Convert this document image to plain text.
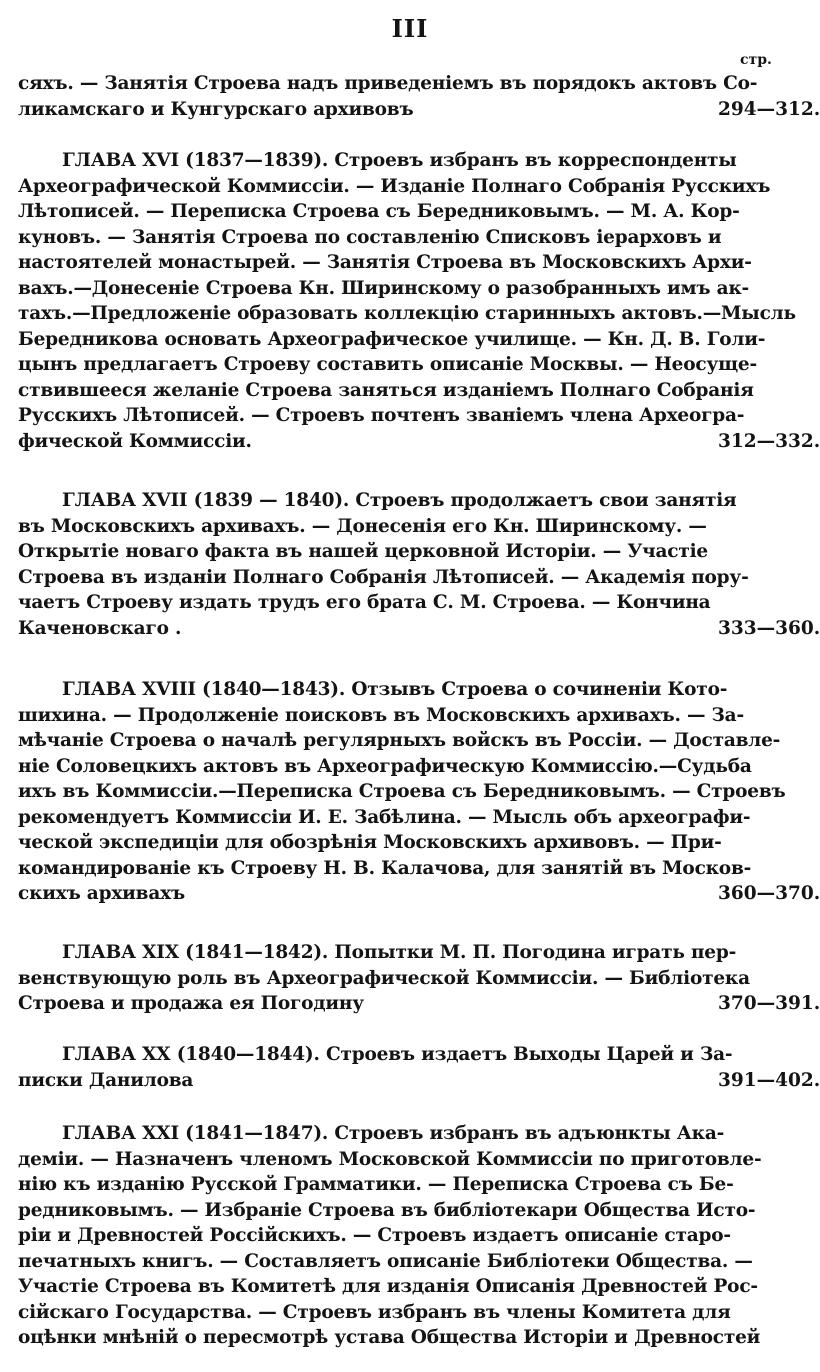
III
стр.
сяхъ. — Занятія Строева надъ приведеніемъ въ порядокъ актовъ Со-
ликамскаго и Кунгурскаго архивовъ	294—312.
ГЛАВА XVI (1837—1839). Строевъ избранъ въ корреспонденты
Археографической Коммиссіи. — Изданіе Полнаго Собранія Русскихъ
Лѣтописей. — Переписка Строева съ Бередниковымъ. — М. А. Кор-
куновъ. — Занятія Строева по составленію Списковъ іерарховъ и
настоятелей монастырей. — Занятія Строева въ Московскихъ Архи-
вахъ.—Донесеніе Строева Кн. Ширинскому о разобранныхъ имъ ак-
тахъ.—Предложеніе образовать коллекцію старинныхъ актовъ.—Мысль
Бередникова основать Археографическое училище. — Кн. Д. В. Голи-
цынъ предлагаетъ Строеву составить описаніе Москвы. — Неосуще-
ствившееся желаніе Строева заняться изданіемъ Полнаго Собранія
Русскихъ Лѣтописей. — Строевъ почтенъ званіемъ члена Археогра-
фической Коммиссіи.	312—332.
ГЛАВА XVII (1839 — 1840). Строевъ продолжаетъ свои занятія
въ Московскихъ архивахъ. — Донесенія его Кн. Ширинскому. —
Открытіе новаго факта въ нашей церковной Исторіи. — Участіе
Строева въ изданіи Полнаго Собранія Лѣтописей. — Академія пору-
чаетъ Строеву издать трудъ его брата С. М. Строева. — Кончина
Каченовскаго .	333—360.
ГЛАВА XVIII (1840—1843). Отзывъ Строева о сочиненіи Кото-
шихина. — Продолженіе поисковъ въ Московскихъ архивахъ. — За-
мѣчаніе Строева о началѣ регулярныхъ войскъ въ Россіи. — Доставле-
ніе Соловецкихъ актовъ въ Археографическую Коммиссію.—Судьба
ихъ въ Коммиссіи.—Переписка Строева съ Бередниковымъ. — Строевъ
рекомендуетъ Коммиссіи И. Е. Забѣлина. — Мысль объ археографи-
ческой экспедиціи для обозрѣнія Московскихъ архивовъ. — При-
командированіе къ Строеву Н. В. Калачова, для занятій въ Москов-
скихъ архивахъ	360—370.
ГЛАВА XIX (1841—1842). Попытки М. П. Погодина играть пер-
венствующую роль въ Археографической Коммиссіи. — Библіотека
Строева и продажа ея Погодину	370—391.
ГЛАВА XX (1840—1844). Строевъ издаетъ Выходы Царей и За-
писки Данилова	391—402.
ГЛАВА XXI (1841—1847). Строевъ избранъ въ адъюнкты Ака-
деміи. — Назначенъ членомъ Московской Коммиссіи по приготовле-
нію къ изданію Русской Грамматики. — Переписка Строева съ Бе-
редниковымъ. — Избраніе Строева въ библіотекари Общества Исто-
ріи и Древностей Россійскихъ. — Строевъ издаетъ описаніе старо-
печатныхъ книгъ. — Составляетъ описаніе Библіотеки Общества. —
Участіе Строева въ Комитетѣ для изданія Описанія Древностей Рос-
сійскаго Государства. — Строевъ избранъ въ члены Комитета для
оцѣнки мнѣній о пересмотрѣ устава Общества Исторіи и Древностей
